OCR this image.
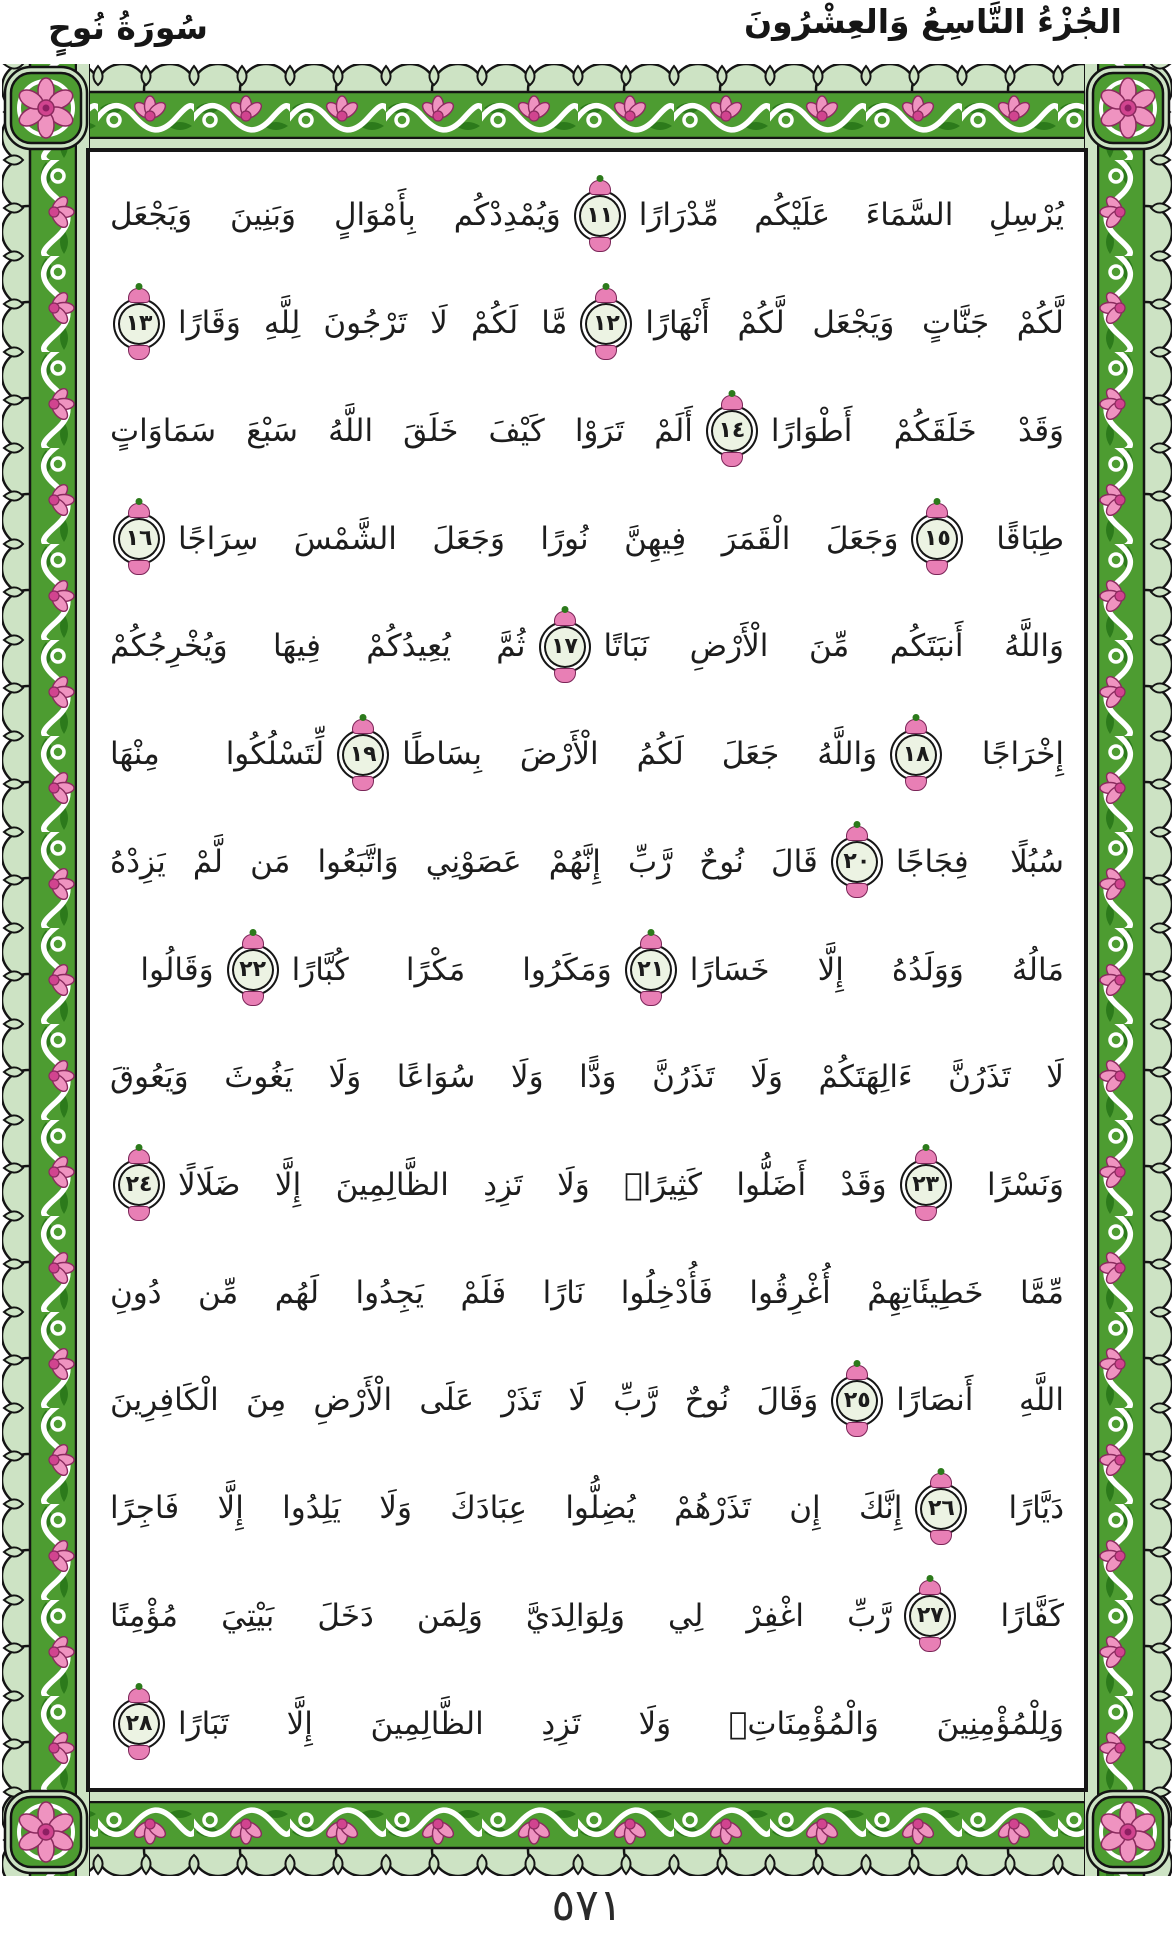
الجُزْءُ التَّاسِعُ وَالعِشْرُونَ
سُورَةُ نُوحٍ
يُرْسِلِ السَّمَاءَ عَلَيْكُم مِّدْرَارًا
١١
وَيُمْدِدْكُم بِأَمْوَالٍ وَبَنِينَ وَيَجْعَل
لَّكُمْ جَنَّاتٍ وَيَجْعَل لَّكُمْ أَنْهَارًا
١٢
مَّا لَكُمْ لَا تَرْجُونَ لِلَّهِ وَقَارًا
١٣
وَقَدْ خَلَقَكُمْ أَطْوَارًا
١٤
أَلَمْ تَرَوْا كَيْفَ خَلَقَ اللَّهُ سَبْعَ سَمَاوَاتٍ
طِبَاقًا
١٥
وَجَعَلَ الْقَمَرَ فِيهِنَّ نُورًا وَجَعَلَ الشَّمْسَ سِرَاجًا
١٦
وَاللَّهُ أَنبَتَكُم مِّنَ الْأَرْضِ نَبَاتًا
١٧
ثُمَّ يُعِيدُكُمْ فِيهَا وَيُخْرِجُكُمْ
إِخْرَاجًا
١٨
وَاللَّهُ جَعَلَ لَكُمُ الْأَرْضَ بِسَاطًا
١٩
لِّتَسْلُكُوا مِنْهَا
سُبُلًا فِجَاجًا
٢٠
قَالَ نُوحٌ رَّبِّ إِنَّهُمْ عَصَوْنِي وَاتَّبَعُوا مَن لَّمْ يَزِدْهُ
مَالُهُ وَوَلَدُهُ إِلَّا خَسَارًا
٢١
وَمَكَرُوا مَكْرًا كُبَّارًا
٢٢
وَقَالُوا
لَا تَذَرُنَّ ءَالِهَتَكُمْ وَلَا تَذَرُنَّ وَدًّا وَلَا سُوَاعًا وَلَا يَغُوثَ وَيَعُوقَ
وَنَسْرًا
٢٣
وَقَدْ أَضَلُّوا كَثِيرًاۖ وَلَا تَزِدِ الظَّالِمِينَ إِلَّا ضَلَالًا
٢٤
مِّمَّا خَطِيئَاتِهِمْ أُغْرِقُوا فَأُدْخِلُوا نَارًا فَلَمْ يَجِدُوا لَهُم مِّن دُونِ
اللَّهِ أَنصَارًا
٢٥
وَقَالَ نُوحٌ رَّبِّ لَا تَذَرْ عَلَى الْأَرْضِ مِنَ الْكَافِرِينَ
دَيَّارًا
٢٦
إِنَّكَ إِن تَذَرْهُمْ يُضِلُّوا عِبَادَكَ وَلَا يَلِدُوا إِلَّا فَاجِرًا
كَفَّارًا
٢٧
رَّبِّ اغْفِرْ لِي وَلِوَالِدَيَّ وَلِمَن دَخَلَ بَيْتِيَ مُؤْمِنًا
وَلِلْمُؤْمِنِينَ وَالْمُؤْمِنَاتِۖ وَلَا تَزِدِ الظَّالِمِينَ إِلَّا تَبَارًا
٢٨
٥٧١
